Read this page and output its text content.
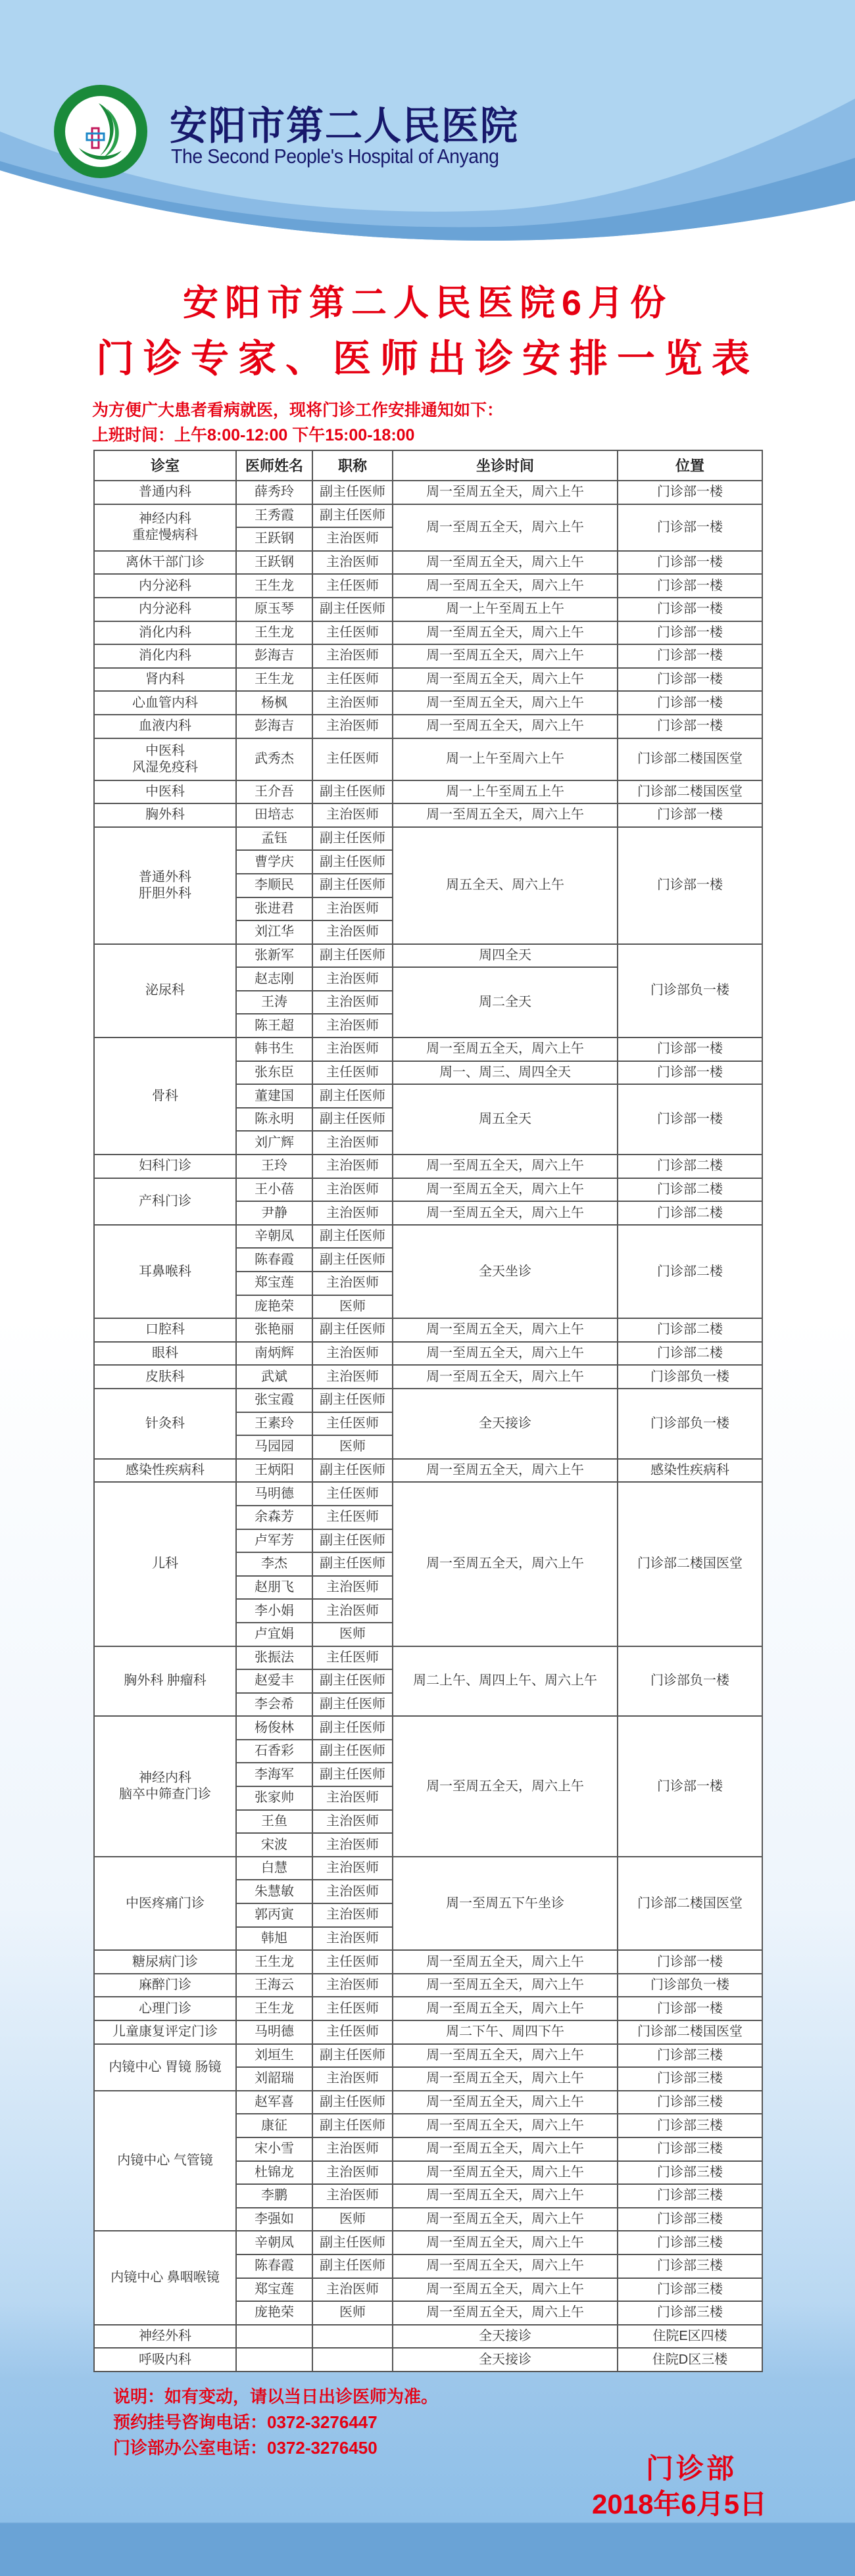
安阳市第二人民医院
The Second People's Hospital of Anyang
安阳市第二人民医院6月份
门诊专家、医师出诊安排一览表
为方便广大患者看病就医，现将门诊工作安排通知如下：
上班时间：上午8:00-12:00 下午15:00-18:00
诊室	医师姓名	职称	坐诊时间	位置
普通内科	薛秀玲	副主任医师	周一至周五全天，周六上午	门诊部一楼
神经内科
重症慢病科	王秀霞	副主任医师	周一至周五全天，周六上午	门诊部一楼
	王跃钢	主治医师		
离休干部门诊	王跃钢	主治医师	周一至周五全天，周六上午	门诊部一楼
内分泌科	王生龙	主任医师	周一至周五全天，周六上午	门诊部一楼
内分泌科	原玉琴	副主任医师	周一上午至周五上午	门诊部一楼
消化内科	王生龙	主任医师	周一至周五全天，周六上午	门诊部一楼
消化内科	彭海吉	主治医师	周一至周五全天，周六上午	门诊部一楼
肾内科	王生龙	主任医师	周一至周五全天，周六上午	门诊部一楼
心血管内科	杨枫	主治医师	周一至周五全天，周六上午	门诊部一楼
血液内科	彭海吉	主治医师	周一至周五全天，周六上午	门诊部一楼
中医科
风湿免疫科	武秀杰	主任医师	周一上午至周六上午	门诊部二楼国医堂
中医科	王介吾	副主任医师	周一上午至周五上午	门诊部二楼国医堂
胸外科	田培志	主治医师	周一至周五全天，周六上午	门诊部一楼
普通外科
肝胆外科	孟钰	副主任医师	周五全天、周六上午	门诊部一楼
	曹学庆	副主任医师		
	李顺民	副主任医师		
	张进君	主治医师		
	刘江华	主治医师		
泌尿科	张新军	副主任医师	周四全天	门诊部负一楼
	赵志刚	主治医师	周二全天	
	王涛	主治医师		
	陈王超	主治医师		
骨科	韩书生	主治医师	周一至周五全天，周六上午	门诊部一楼
	张东臣	主任医师	周一、周三、周四全天	门诊部一楼
	董建国	副主任医师	周五全天	门诊部一楼
	陈永明	副主任医师		
	刘广辉	主治医师		
妇科门诊	王玲	主治医师	周一至周五全天，周六上午	门诊部二楼
产科门诊	王小蓓	主治医师	周一至周五全天，周六上午	门诊部二楼
	尹静	主治医师	周一至周五全天，周六上午	门诊部二楼
耳鼻喉科	辛朝凤	副主任医师	全天坐诊	门诊部二楼
	陈春霞	副主任医师		
	郑宝莲	主治医师		
	庞艳荣	医师		
口腔科	张艳丽	副主任医师	周一至周五全天，周六上午	门诊部二楼
眼科	南炳辉	主治医师	周一至周五全天，周六上午	门诊部二楼
皮肤科	武斌	主治医师	周一至周五全天，周六上午	门诊部负一楼
针灸科	张宝霞	副主任医师	全天接诊	门诊部负一楼
	王素玲	主任医师		
	马园园	医师		
感染性疾病科	王炳阳	副主任医师	周一至周五全天，周六上午	感染性疾病科
儿科	马明德	主任医师	周一至周五全天，周六上午	门诊部二楼国医堂
	余森芳	主任医师		
	卢军芳	副主任医师		
	李杰	副主任医师		
	赵朋飞	主治医师		
	李小娟	主治医师		
	卢宜娟	医师		
胸外科 肿瘤科	张振法	主任医师	周二上午、周四上午、周六上午	门诊部负一楼
	赵爱丰	副主任医师		
	李会希	副主任医师		
神经内科
脑卒中筛查门诊	杨俊林	副主任医师	周一至周五全天，周六上午	门诊部一楼
	石香彩	副主任医师		
	李海军	副主任医师		
	张家帅	主治医师		
	王鱼	主治医师		
	宋波	主治医师		
中医疼痛门诊	白慧	主治医师	周一至周五下午坐诊	门诊部二楼国医堂
	朱慧敏	主治医师		
	郭丙寅	主治医师		
	韩旭	主治医师		
糖尿病门诊	王生龙	主任医师	周一至周五全天，周六上午	门诊部一楼
麻醉门诊	王海云	主治医师	周一至周五全天，周六上午	门诊部负一楼
心理门诊	王生龙	主任医师	周一至周五全天，周六上午	门诊部一楼
儿童康复评定门诊	马明德	主任医师	周二下午、周四下午	门诊部二楼国医堂
内镜中心 胃镜 肠镜	刘垣生	副主任医师	周一至周五全天，周六上午	门诊部三楼
	刘韶瑞	主治医师	周一至周五全天，周六上午	门诊部三楼
内镜中心 气管镜	赵军喜	副主任医师	周一至周五全天，周六上午	门诊部三楼
	康征	副主任医师	周一至周五全天，周六上午	门诊部三楼
	宋小雪	主治医师	周一至周五全天，周六上午	门诊部三楼
	杜锦龙	主治医师	周一至周五全天，周六上午	门诊部三楼
	李鹏	主治医师	周一至周五全天，周六上午	门诊部三楼
	李强如	医师	周一至周五全天，周六上午	门诊部三楼
内镜中心 鼻咽喉镜	辛朝凤	副主任医师	周一至周五全天，周六上午	门诊部三楼
	陈春霞	副主任医师	周一至周五全天，周六上午	门诊部三楼
	郑宝莲	主治医师	周一至周五全天，周六上午	门诊部三楼
	庞艳荣	医师	周一至周五全天，周六上午	门诊部三楼
神经外科			全天接诊	住院E区四楼
呼吸内科			全天接诊	住院D区三楼
说明：如有变动，请以当日出诊医师为准。
预约挂号咨询电话：0372-3276447
门诊部办公室电话：0372-3276450
门诊部
2018年6月5日
